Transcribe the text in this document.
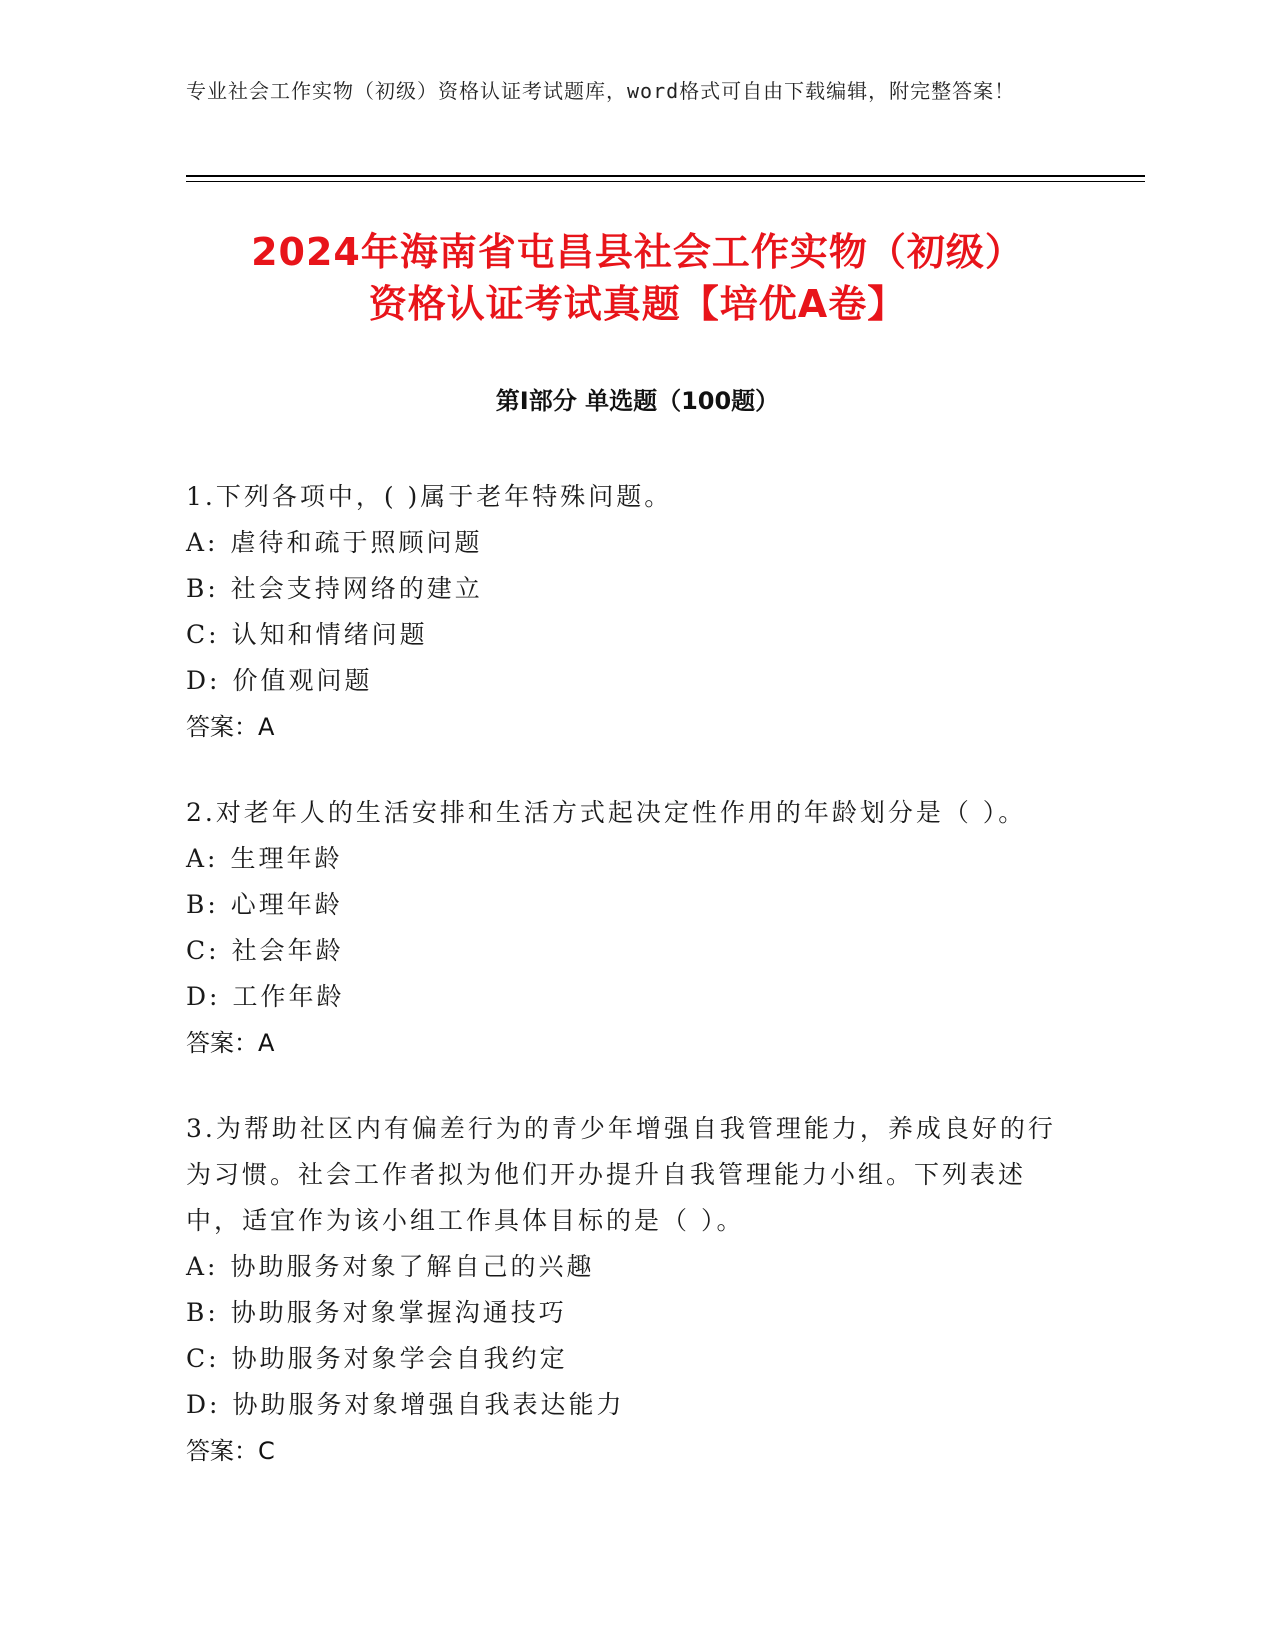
专业社会工作实物（初级）资格认证考试题库，word格式可自由下载编辑，附完整答案！
2024年海南省屯昌县社会工作实物（初级）
资格认证考试真题【培优A卷】
第I部分 单选题（100题）
1.下列各项中，( )属于老年特殊问题。
A: 虐待和疏于照顾问题
B: 社会支持网络的建立
C: 认知和情绪问题
D: 价值观问题
答案：A
2.对老年人的生活安排和生活方式起决定性作用的年龄划分是（ ）。
A: 生理年龄
B: 心理年龄
C: 社会年龄
D: 工作年龄
答案：A
3.为帮助社区内有偏差行为的青少年增强自我管理能力，养成良好的行为习惯。社会工作者拟为他们开办提升自我管理能力小组。下列表述中，适宜作为该小组工作具体目标的是（ ）。
A: 协助服务对象了解自己的兴趣
B: 协助服务对象掌握沟通技巧
C: 协助服务对象学会自我约定
D: 协助服务对象增强自我表达能力
答案：C
